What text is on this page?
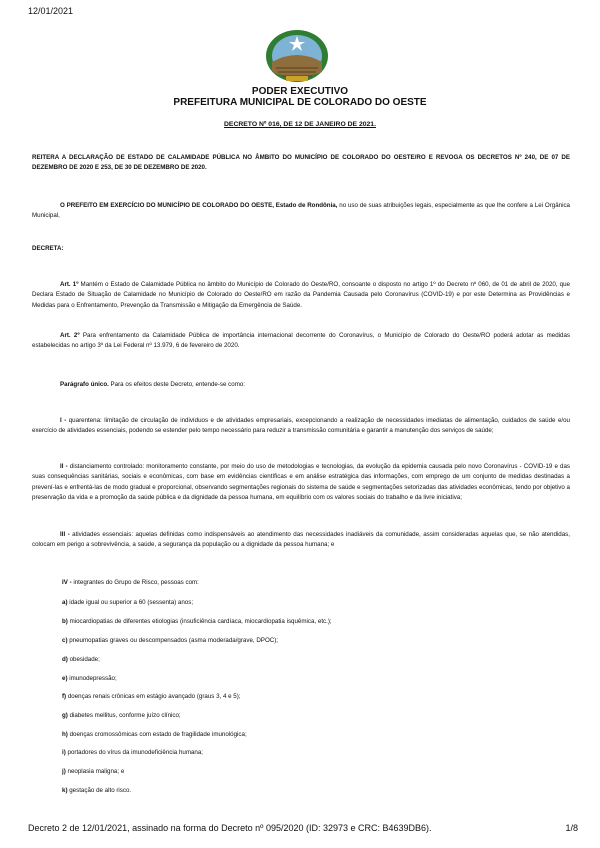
12/01/2021
PODER EXECUTIVO
PREFEITURA MUNICIPAL DE COLORADO DO OESTE
DECRETO Nº 016, DE 12 DE JANEIRO DE 2021.
REITERA A DECLARAÇÃO DE ESTADO DE CALAMIDADE PÚBLICA NO ÂMBITO DO MUNICÍPIO DE COLORADO DO OESTE/RO E REVOGA OS DECRETOS Nº 240, DE 07 DE DEZEMBRO DE 2020 E 253, DE 30 DE DEZEMBRO DE 2020.
O PREFEITO EM EXERCÍCIO DO MUNICÍPIO DE COLORADO DO OESTE, Estado de Rondônia, no uso de suas atribuições legais, especialmente as que lhe confere a Lei Orgânica Municipal,
DECRETA:
Art. 1º Mantém o Estado de Calamidade Pública no âmbito do Município de Colorado do Oeste/RO, consoante o disposto no artigo 1º do Decreto nº 060, de 01 de abril de 2020, que Declara Estado de Situação de Calamidade no Município de Colorado do Oeste/RO em razão da Pandemia Causada pelo Coronavírus (COVID-19) e por este Determina as Providências e Medidas para o Enfrentamento, Prevenção da Transmissão e Mitigação da Emergência de Saúde.
Art. 2º Para enfrentamento da Calamidade Pública de importância internacional decorrente do Coronavírus, o Município de Colorado do Oeste/RO poderá adotar as medidas estabelecidas no artigo 3º da Lei Federal nº 13.979, 6 de fevereiro de 2020.
Parágrafo único. Para os efeitos deste Decreto, entende-se como:
I - quarentena: limitação de circulação de indivíduos e de atividades empresariais, excepcionando a realização de necessidades imediatas de alimentação, cuidados de saúde e/ou exercício de atividades essenciais, podendo se estender pelo tempo necessário para reduzir a transmissão comunitária e garantir a manutenção dos serviços de saúde;
II - distanciamento controlado: monitoramento constante, por meio do uso de metodologias e tecnologias, da evolução da epidemia causada pelo novo Coronavírus - COVID-19 e das suas consequências sanitárias, sociais e econômicas, com base em evidências científicas e em análise estratégica das informações, com emprego de um conjunto de medidas destinadas a prevení-las e enfrentá-las de modo gradual e proporcional, observando segmentações regionais do sistema de saúde e segmentações setorizadas das atividades econômicas, tendo por objetivo a preservação da vida e a promoção da saúde pública e da dignidade da pessoa humana, em equilíbrio com os valores sociais do trabalho e da livre iniciativa;
III - atividades essenciais: aquelas definidas como indispensáveis ao atendimento das necessidades inadiáveis da comunidade, assim consideradas aquelas que, se não atendidas, colocam em perigo a sobrevivência, a saúde, a segurança da população ou a dignidade da pessoa humana; e
IV - integrantes do Grupo de Risco, pessoas com:
a) idade igual ou superior a 60 (sessenta) anos;
b) miocardiopatias de diferentes etiologias (insuficiência cardíaca, miocardiopatia isquêmica, etc.);
c) pneumopatias graves ou descompensados (asma moderada/grave, DPOC);
d) obesidade;
e) imunodepressão;
f) doenças renais crônicas em estágio avançado (graus 3, 4 e 5);
g) diabetes mellitus, conforme juízo clínico;
h) doenças cromossômicas com estado de fragilidade imunológica;
i) portadores do vírus da imunodeficiência humana;
j) neoplasia maligna; e
k) gestação de alto risco.
Decreto 2 de 12/01/2021, assinado na forma do Decreto nº 095/2020 (ID: 32973 e CRC: B4639DB6).	1/8
